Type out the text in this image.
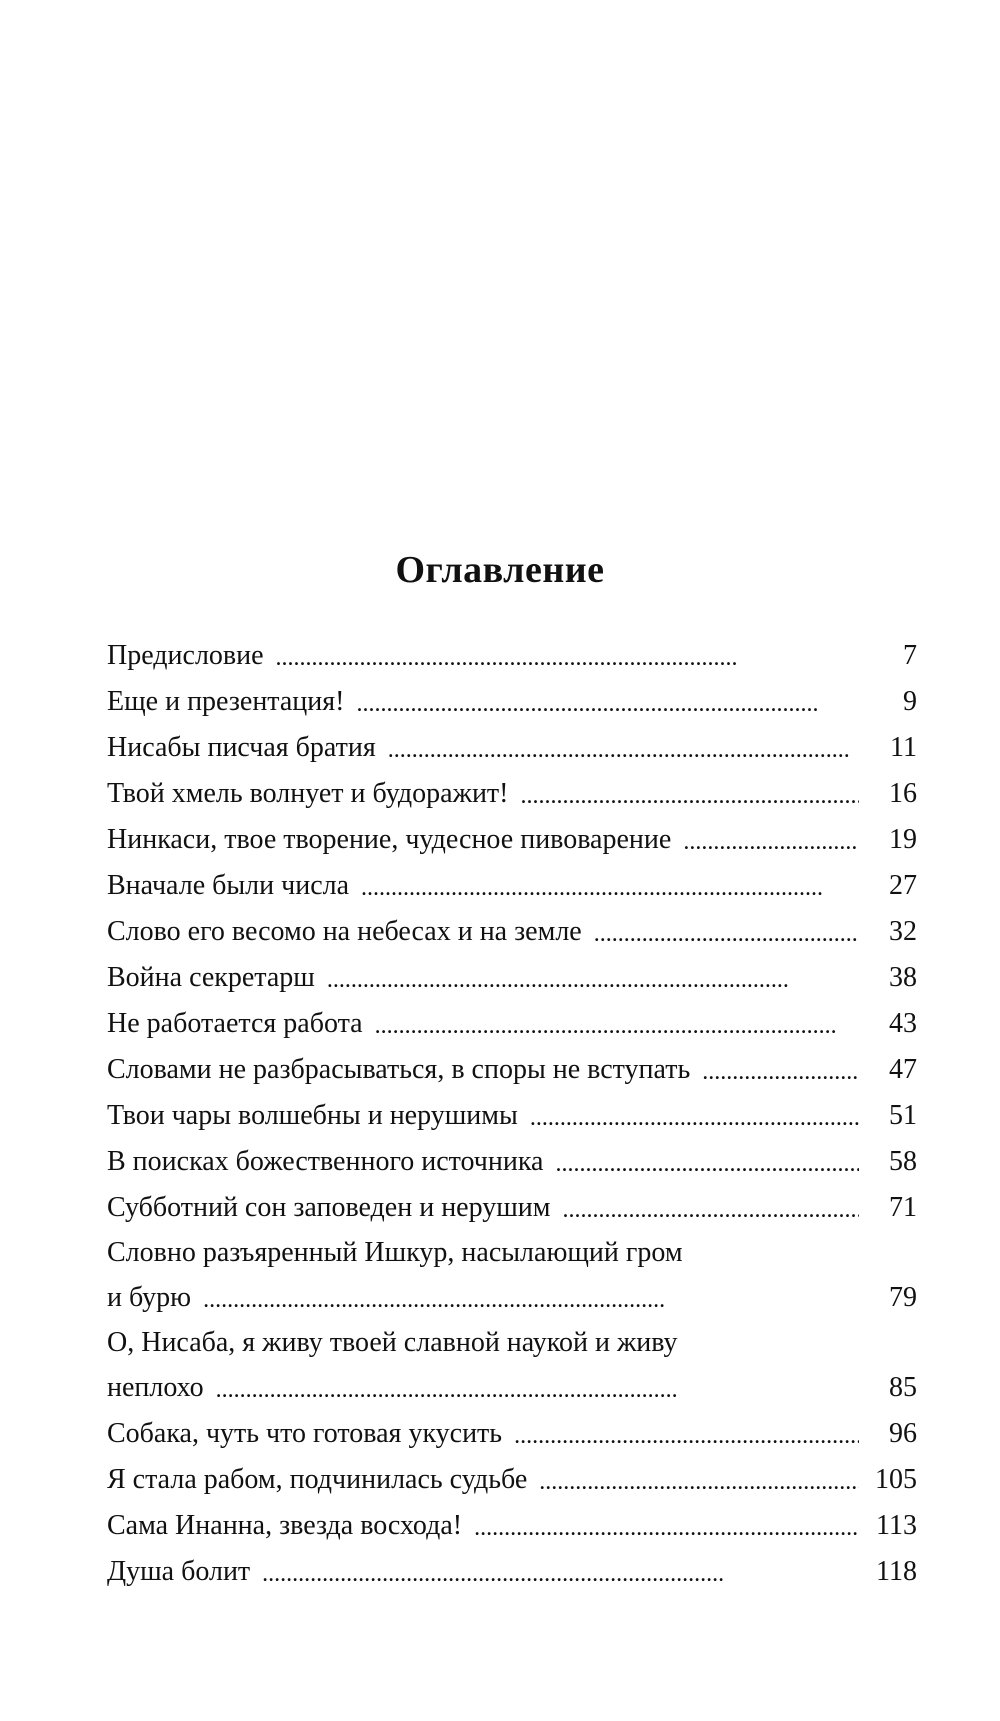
Оглавление
Предисловие . . .	7
Еще и презентация! . . .	9
Нисабы писчая братия . . .	11
Твой хмель волнует и будоражит! . . .	16
Нинкаси, твое творение, чудесное пивоварение . . .	19
Вначале были числа . . .	27
Слово его весомо на небесах и на земле . . .	32
Война секретарш . . .	38
Не работается работа . . .	43
Словами не разбрасываться, в споры не вступать . . .	47
Твои чары волшебны и нерушимы . . .	51
В поисках божественного источника . . .	58
Субботний сон заповеден и нерушим . . .	71
Словно разъяренный Ишкур, насылающий гром
и бурю . . .	79
О, Нисаба, я живу твоей славной наукой и живу
неплохо . . .	85
Собака, чуть что готовая укусить . . .	96
Я стала рабом, подчинилась судьбе . . .	105
Сама Инанна, звезда восхода! . . .	113
Душа болит . . .	118
